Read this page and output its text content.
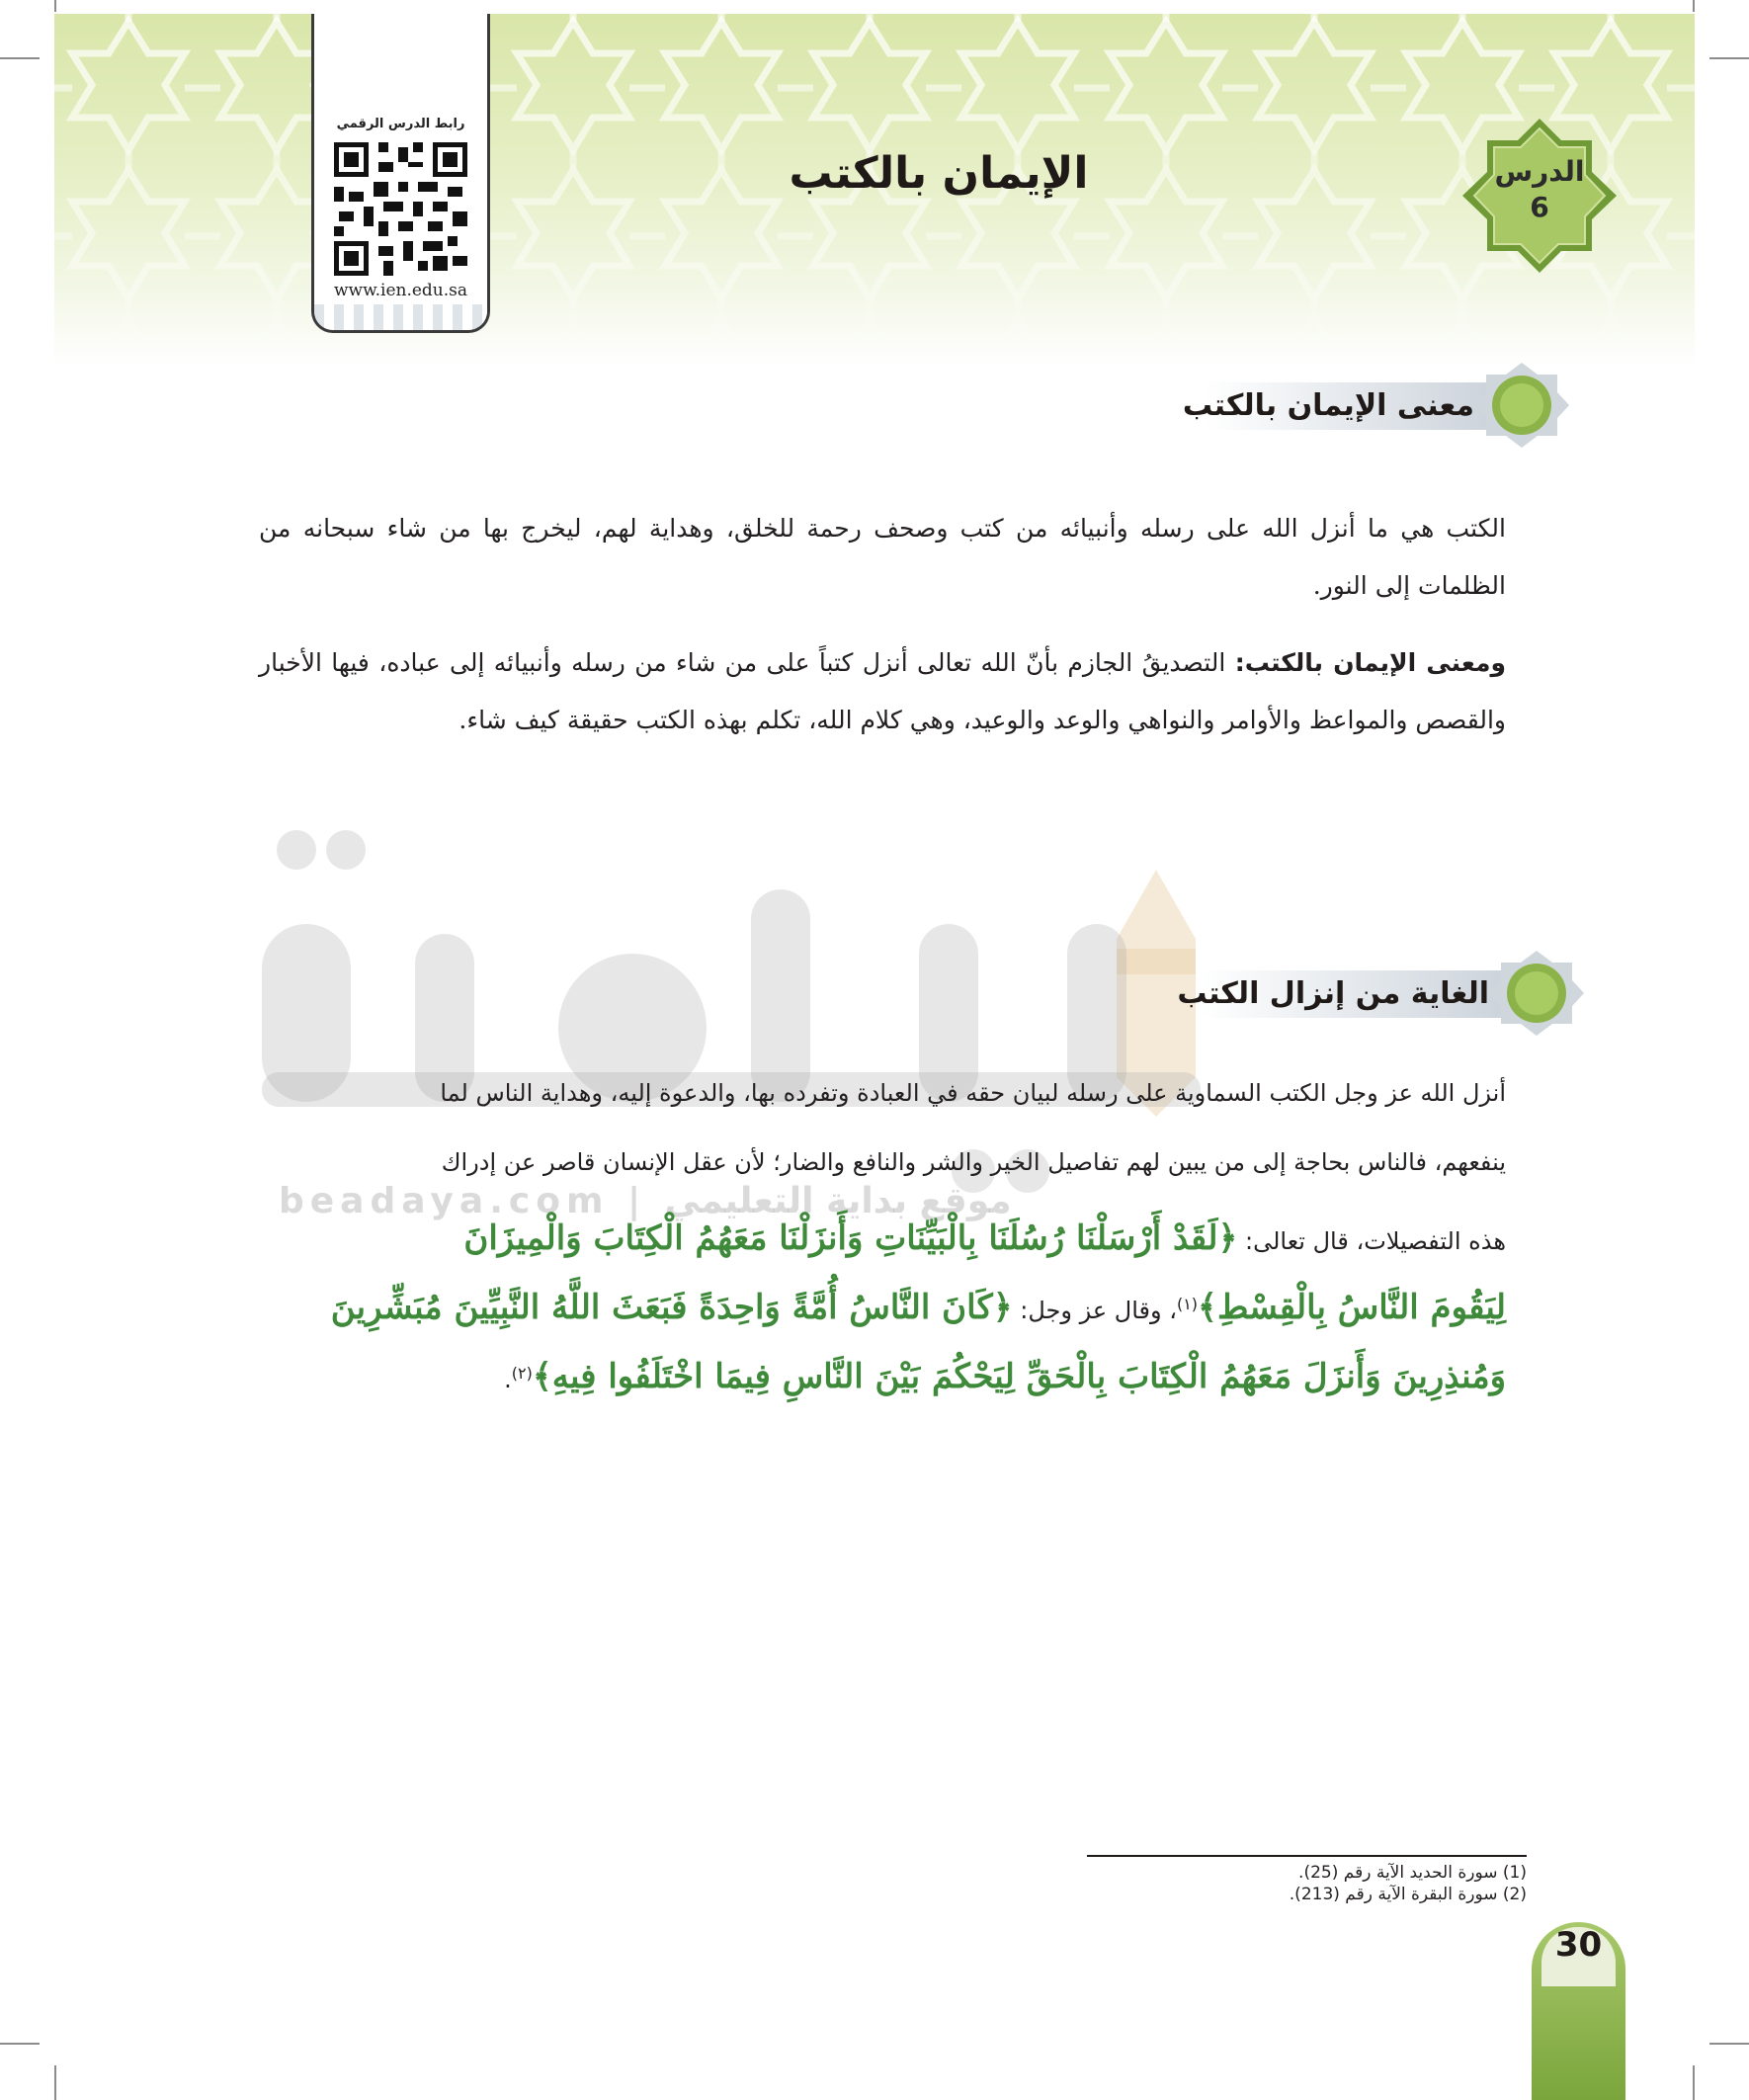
الإيمان بالكتب	الدرس
6
رابط الدرس الرقمي
www.ien.edu.sa
معنى الإيمان بالكتب
الكتب هي ما أنزل الله على رسله وأنبيائه من كتب وصحف رحمة للخلق، وهداية لهم، ليخرج بها من شاء سبحانه من الظلمات إلى النور.
ومعنى الإيمان بالكتب: التصديقُ الجازم بأنّ الله تعالى أنزل كتباً على من شاء من رسله وأنبيائه إلى عباده، فيها الأخبار والقصص والمواعظ والأوامر والنواهي والوعد والوعيد، وهي كلام الله، تكلم بهذه الكتب حقيقة كيف شاء.
beadaya.com | موقع بداية التعليمي
الغاية من إنزال الكتب
أنزل الله عز وجل الكتب السماوية على رسله لبيان حقه في العبادة وتفرده بها، والدعوة إليه، وهداية الناس لما
ينفعهم، فالناس بحاجة إلى من يبين لهم تفاصيل الخير والشر والنافع والضار؛ لأن عقل الإنسان قاصر عن إدراك
هذه التفصيلات، قال تعالى: ﴿لَقَدْ أَرْسَلْنَا رُسُلَنَا بِالْبَيِّنَاتِ وَأَنزَلْنَا مَعَهُمُ الْكِتَابَ وَالْمِيزَانَ
لِيَقُومَ النَّاسُ بِالْقِسْطِ﴾$^{(١)}$، وقال عز وجل: ﴿كَانَ النَّاسُ أُمَّةً وَاحِدَةً فَبَعَثَ اللَّهُ النَّبِيِّينَ مُبَشِّرِينَ
وَمُنذِرِينَ وَأَنزَلَ مَعَهُمُ الْكِتَابَ بِالْحَقِّ لِيَحْكُمَ بَيْنَ النَّاسِ فِيمَا اخْتَلَفُوا فِيهِ﴾$^{(٢)}$.
(1) سورة الحديد الآية رقم (25).
(2) سورة البقرة الآية رقم (213).
30
